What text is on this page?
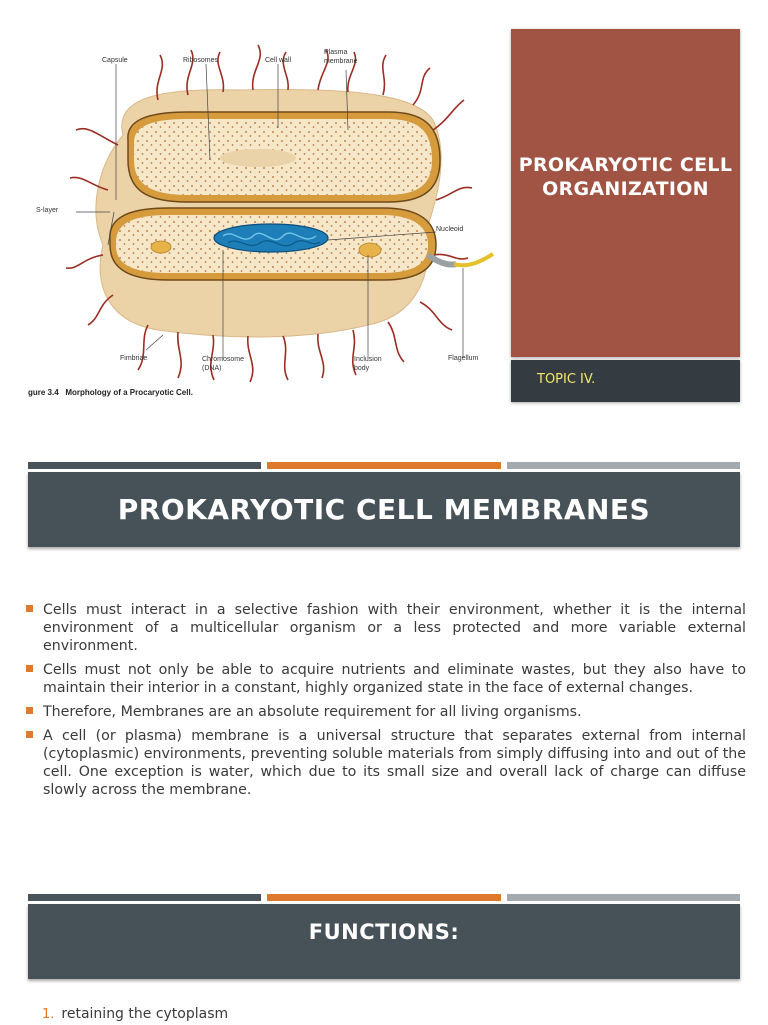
Capsule	Ribosomes	Cell wall
Plasma
membrane
S-layer
Nucleoid
Fimbriae	Chromosome
(DNA)
Inclusion
body
Flagellum
gure 3.4   Morphology of a Procaryotic Cell.
PROKARYOTIC CELL ORGANIZATION
TOPIC IV.
PROKARYOTIC CELL MEMBRANES
Cells must interact in a selective fashion with their environment, whether it is the internal environment of a multicellular organism or a less protected and more variable external environment.
Cells must not only be able to acquire nutrients and eliminate wastes, but they also have to maintain their interior in a constant, highly organized state in the face of external changes.
Therefore, Membranes are an absolute requirement for all living organisms.
A cell (or plasma) membrane is a universal structure that separates external from internal (cytoplasmic) environments, preventing soluble materials from simply diffusing into and out of the cell. One exception is water, which due to its small size and overall lack of charge can diffuse slowly across the membrane.
FUNCTIONS:
1. retaining the cytoplasm
